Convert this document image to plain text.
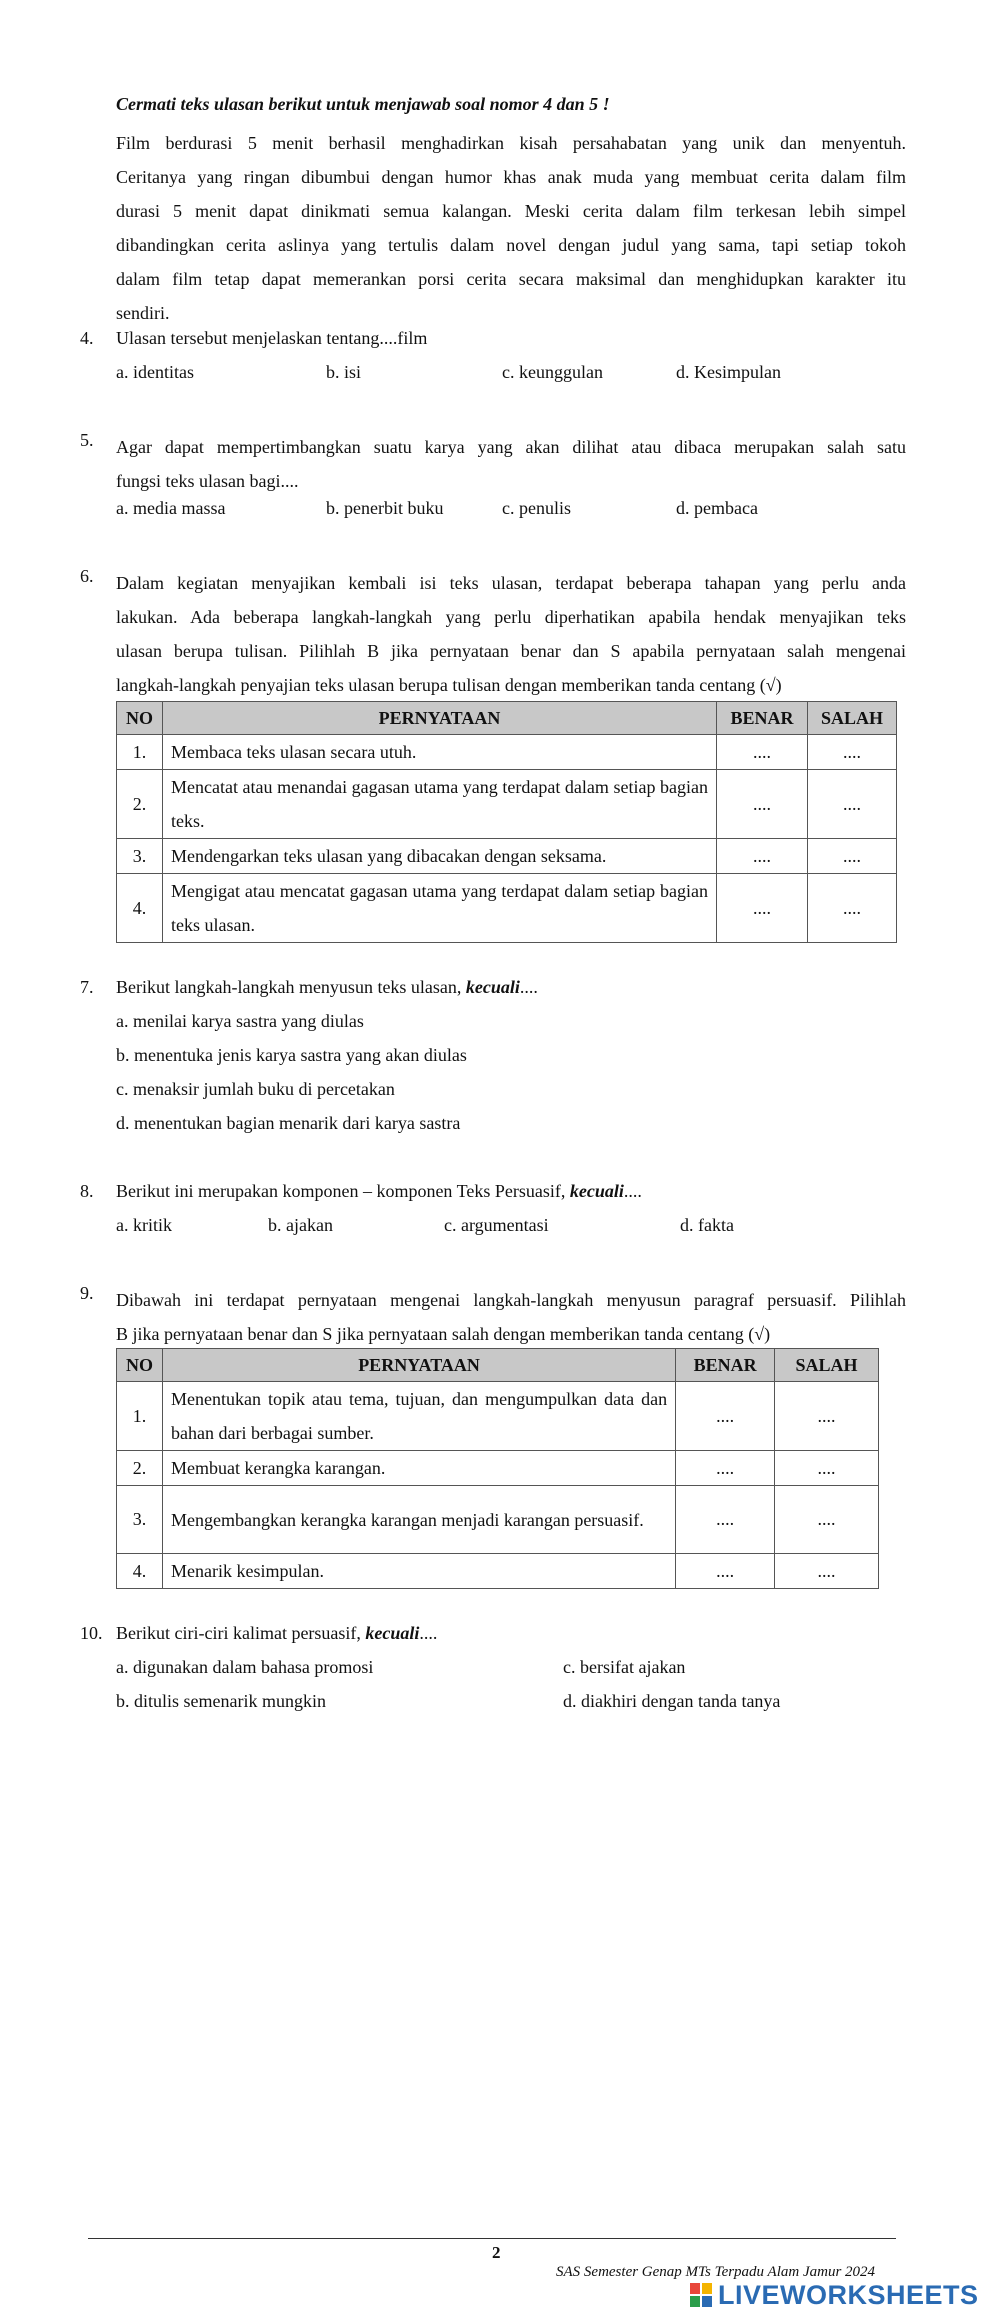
Cermati teks ulasan berikut untuk menjawab soal nomor 4 dan 5 !
Film berdurasi 5 menit berhasil menghadirkan kisah persahabatan yang unik dan menyentuh.
Ceritanya yang ringan dibumbui dengan humor khas anak muda yang membuat cerita dalam film
durasi 5 menit dapat dinikmati semua kalangan. Meski cerita dalam film terkesan lebih simpel
dibandingkan cerita aslinya yang tertulis dalam novel dengan judul yang sama, tapi setiap tokoh
dalam film tetap dapat memerankan porsi cerita secara maksimal dan menghidupkan karakter itu
sendiri.
4.	Ulasan tersebut menjelaskan tentang....film
a. identitas	b. isi	c. keunggulan	d. Kesimpulan
5.	Agar dapat mempertimbangkan suatu karya yang akan dilihat atau dibaca merupakan salah satu
fungsi teks ulasan bagi....
a. media massa	b. penerbit buku	c. penulis	d. pembaca
6.	Dalam kegiatan menyajikan kembali isi teks ulasan, terdapat beberapa tahapan yang perlu anda
lakukan. Ada beberapa langkah-langkah yang perlu diperhatikan apabila hendak menyajikan teks
ulasan berupa tulisan. Pilihlah B jika pernyataan benar dan S apabila pernyataan salah mengenai
langkah-langkah penyajian teks ulasan berupa tulisan dengan memberikan tanda centang (√)
NO	PERNYATAAN	BENAR	SALAH
1.	Membaca teks ulasan secara utuh.	....	....
2.	Mencatat atau menandai gagasan utama yang terdapat dalam setiap bagian teks.	....	....
3.	Mendengarkan teks ulasan yang dibacakan dengan seksama.	....	....
4.	Mengigat atau mencatat gagasan utama yang terdapat dalam setiap bagian teks ulasan.	....	....
7.	Berikut langkah-langkah menyusun teks ulasan, kecuali....
a. menilai karya sastra yang diulas
b. menentuka jenis karya sastra yang akan diulas
c. menaksir jumlah buku di percetakan
d. menentukan bagian menarik dari karya sastra
8.	Berikut ini merupakan komponen – komponen Teks Persuasif, kecuali....
a. kritik	b. ajakan	c. argumentasi	d. fakta
9.	Dibawah ini terdapat pernyataan mengenai langkah-langkah menyusun paragraf persuasif. Pilihlah
B jika pernyataan benar dan S jika pernyataan salah dengan memberikan tanda centang (√)
NO	PERNYATAAN	BENAR	SALAH
1.	Menentukan topik atau tema, tujuan, dan mengumpulkan data dan bahan dari berbagai sumber.	....	....
2.	Membuat kerangka karangan.	....	....
3.	Mengembangkan kerangka karangan menjadi karangan persuasif.	....	....
4.	Menarik kesimpulan.	....	....
10. Berikut ciri-ciri kalimat persuasif, kecuali....
a. digunakan dalam bahasa promosi	c. bersifat ajakan
b. ditulis semenarik mungkin	d. diakhiri dengan tanda tanya
2
SAS Semester Genap MTs Terpadu Alam Jamur 2024
LIVEWORKSHEETS
